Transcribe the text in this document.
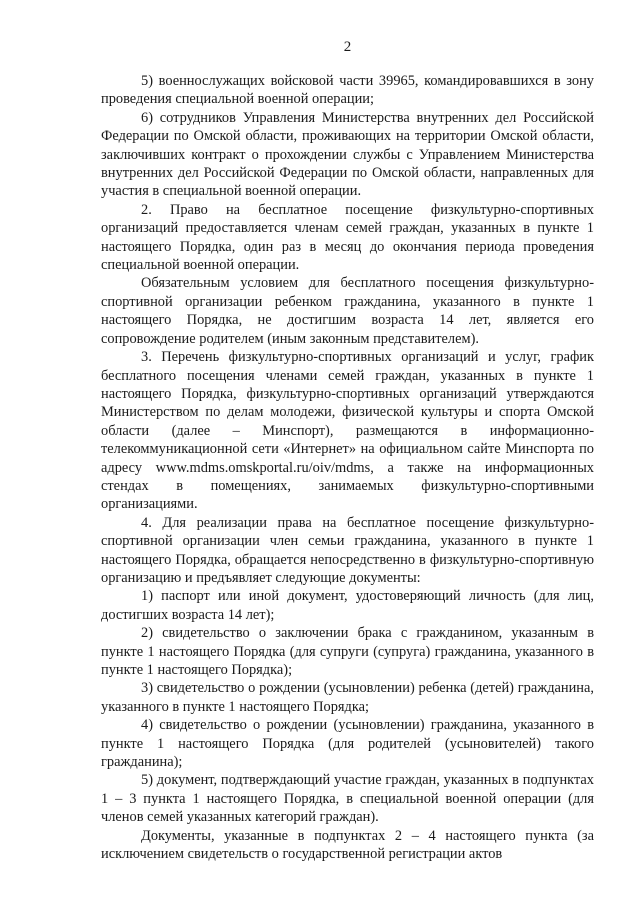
2

5) военнослужащих войсковой части 39965, командировавшихся в зону проведения специальной военной операции;

6) сотрудников Управления Министерства внутренних дел Российской Федерации по Омской области, проживающих на территории Омской области, заключивших контракт о прохождении службы с Управлением Министерства внутренних дел Российской Федерации по Омской области, направленных для участия в специальной военной операции.

2. Право на бесплатное посещение физкультурно-спортивных организаций предоставляется членам семей граждан, указанных в пункте 1 настоящего Порядка, один раз в месяц до окончания периода проведения специальной военной операции.

Обязательным условием для бесплатного посещения физкультурно-спортивной организации ребенком гражданина, указанного в пункте 1 настоящего Порядка, не достигшим возраста 14 лет, является его сопровождение родителем (иным законным представителем).

3. Перечень физкультурно-спортивных организаций и услуг, график бесплатного посещения членами семей граждан, указанных в пункте 1 настоящего Порядка, физкультурно-спортивных организаций утверждаются Министерством по делам молодежи, физической культуры и спорта Омской области (далее – Минспорт), размещаются в информационно-телекоммуникационной сети «Интернет» на официальном сайте Минспорта по адресу www.mdms.omskportal.ru/oiv/mdms, а также на информационных стендах в помещениях, занимаемых физкультурно-спортивными организациями.

4. Для реализации права на бесплатное посещение физкультурно-спортивной организации член семьи гражданина, указанного в пункте 1 настоящего Порядка, обращается непосредственно в физкультурно-спортивную организацию и предъявляет следующие документы:

1) паспорт или иной документ, удостоверяющий личность (для лиц, достигших возраста 14 лет);

2) свидетельство о заключении брака с гражданином, указанным в пункте 1 настоящего Порядка (для супруги (супруга) гражданина, указанного в пункте 1 настоящего Порядка);

3) свидетельство о рождении (усыновлении) ребенка (детей) гражданина, указанного в пункте 1 настоящего Порядка;

4) свидетельство о рождении (усыновлении) гражданина, указанного в пункте 1 настоящего Порядка (для родителей (усыновителей) такого гражданина);

5) документ, подтверждающий участие граждан, указанных в подпунктах 1 – 3 пункта 1 настоящего Порядка, в специальной военной операции (для членов семей указанных категорий граждан).

Документы, указанные в подпунктах 2 – 4 настоящего пункта (за исключением свидетельств о государственной регистрации актов
